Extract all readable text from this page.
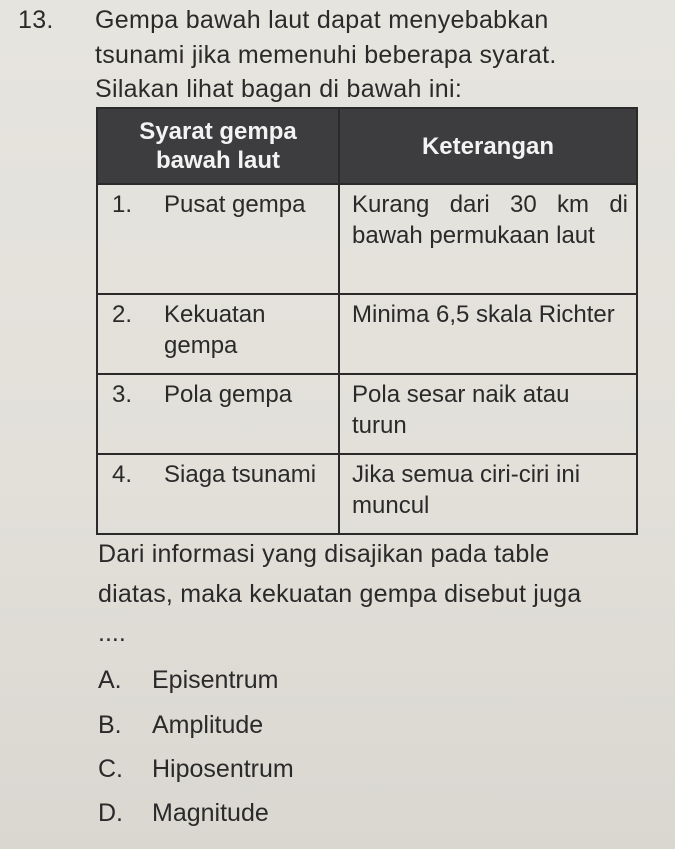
13. Gempa bawah laut dapat menyebabkan
tsunami jika memenuhi beberapa syarat.
Silakan lihat bagan di bawah ini:
Syarat gempa bawah laut	Keterangan

1. Pusat gempa	Kurang dari 30 km di bawah permukaan laut

2. Kekuatan gempa	Minima 6,5 skala Richter

3. Pola gempa	Pola sesar naik atau turun

4. Siaga tsunami	Jika semua ciri-ciri ini muncul
Dari informasi yang disajikan pada table
diatas, maka kekuatan gempa disebut juga
....
A. Episentrum
B. Amplitude
C. Hiposentrum
D. Magnitude
